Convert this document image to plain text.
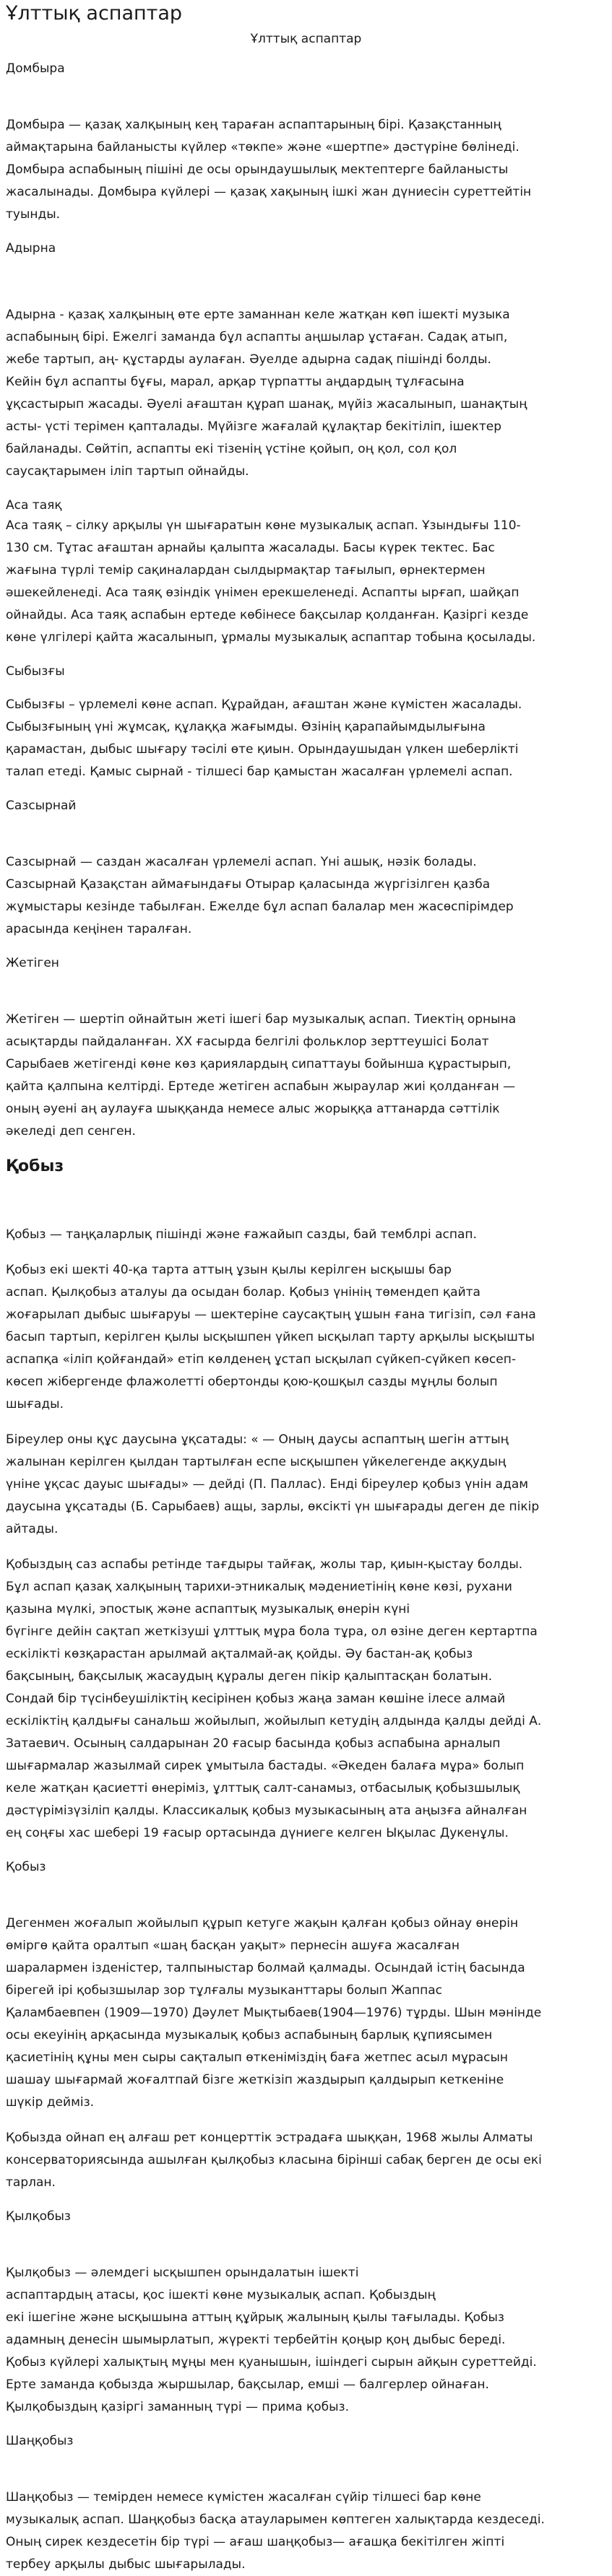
Ұлттық аспаптар
Ұлттық аспаптар
Домбыра

Домбыра — қазақ халқының кең тараған аспаптарының бірі. Қазақстанның
аймақтарына байланысты күйлер «төкпе» және «шертпе» дәстүріне бөлінеді.
Домбыра аспабының пішіні де осы орындаушылық мектептерге байланысты
жасалынады. Домбыра күйлері — қазақ хақының ішкі жан дүниесін суреттейтін
туынды.

Адырна

Адырна - қазақ халқының өте ерте заманнан келе жатқан көп ішекті музыка
аспабының бірі. Ежелгі заманда бұл аспапты аңшылар ұстаған. Садақ атып,
жебе тартып, аң- құстарды аулаған. Әуелде адырна садақ пішінді болды.
Кейін бұл аспапты бұғы, марал, арқар түрпатты аңдардың тұлғасына
ұқсастырып жасады. Әуелі ағаштан құрап шанақ, мүйіз жасалынып, шанақтың
асты- үсті терімен қапталады. Мүйізге жағалай құлақтар бекітiлiп, ішектер
байланады. Сөйтіп, аспапты екі тізенің үстіне қойып, оң қол, сол қол
саусақтарымен іліп тартып ойнайды.

Аса таяқ

Аса таяқ – сілку арқылы үн шығаратын көне музыкалық аспап. Ұзындығы 110-
130 см. Тұтас ағаштан арнайы қалыпта жасалады. Басы күрек тектес. Бас
жағына түрлі темір сақиналардан сылдырмақтар тағылып, өрнектермен
әшекейленеді. Аса таяқ өзіндік үнімен ерекшеленеді. Аспапты ырғап, шайқап
ойнайды. Аса таяқ аспабын ертеде көбінесе бақсылар қолданған. Қазіргі кезде
көне үлгілері қайта жасалынып, ұрмалы музыкалық аспаптар тобына қосылады.

Сыбызғы

Сыбызғы – үрлемелі көне аспап. Құрайдан, ағаштан және күмістен жасалады.
Сыбызғының үні жұмсақ, құлаққа жағымды. Өзінің қарапайымдылығына
қарамастан, дыбыс шығару тәсілі өте қиын. Орындаушыдан үлкен шеберлікті
талап етеді. Қамыс сырнай - тілшесі бар қамыстан жасалған үрлемелі аспап.

Сазсырнай

Сазсырнай — саздан жасалған үрлемелі аспап. Үні ашық, нәзік болады.
Сазсырнай Қазақстан аймағындағы Отырар қаласында жүргізілген қазба
жұмыстары кезінде табылған. Ежелде бұл аспап балалар мен жасөспірімдер
арасында кеңінен таралған.

Жетіген

Жетіген — шертіп ойнайтын жеті ішегі бар музыкалық аспап. Тиектің орнына
асықтарды пайдаланған. XX ғасырда белгілі фольклор зерттеушісі Болат
Сарыбаев жетігенді көне көз қариялардың сипаттауы бойынша құрастырып,
қайта қалпына келтірді. Ертеде жетіген аспабын жыраулар жиі қолданған —
оның әуені аң аулауға шыққанда немесе алыс жорыққа аттанарда сәттілік
әкеледі деп сенген.

Қобыз

Қобыз — таңқаларлық пішінді және ғажайып сазды, бай темблрі аспап.

Қобыз екі шекті 40-қа тарта аттың ұзын қылы керілген ысқышы бар
аспап. Қылқобыз аталуы да осыдан болар. Қобыз үнінің төмендеп қайта
жоғарылап дыбыс шығаруы — шектеріне саусақтың ұшын ғана тигізіп, сәл ғана
басып тартып, керілген қылы ысқышпен үйкеп ысқылап тарту арқылы ысқышты
аспапқа «іліп қойғандай» етіп көлденең ұстап ысқылап сүйкеп-сүйкеп көсеп-
көсеп жібергенде флажолетті обертонды қою-қошқыл сазды мұңлы болып
шығады.

Біреулер оны құс даусына ұқсатады: « — Оның даусы аспаптың шегін аттың
жалынан керілген қылдан тартылған еспе ысқышпен үйкелегенде аққудың
үніне ұқсас дауыс шығады» — дейді (П. Паллас). Енді біреулер қобыз үнін адам
даусына ұқсатады (Б. Сарыбаев) ащы, зарлы, өксікті үн шығарады деген де пікір
айтады.

Қобыздың саз аспабы ретінде тағдыры тайғақ, жолы тар, қиын-қыстау болды.
Бұл аспап қазақ халқының тарихи-этникалық мәдениетінің көне көзі, рухани
қазына мүлкі, эпостық және аспаптық музыкалық өнерін күні
бүгінге дейін сақтап жеткізуші ұлттық мұра бола тұра, ол өзіне деген кертартпа
ескілікті көзқарастан арылмай ақталмай-ақ қойды. Әу бастан-ақ қобыз
бақсының, бақсылық жасаудың құралы деген пікір қалыптасқан болатын.
Сондай бір түсінбеушіліктің кесірінен қобыз жаңа заман көшіне ілесе алмай
ескіліктің қалдығы санальш жойылып, жойылып кетудің алдында қалды дейді А.
Затаевич. Осының салдарынан 20 ғасыр басында қобыз аспабына арналып
шығармалар жазылмай сирек ұмытыла бастады. «Әкеден балаға мұра» болып
келе жатқан қасиетті өнеріміз, ұлттық салт-санамыз, отбасылық қобызшылық
дәстүрімізүзіліп қалды. Классикалық қобыз музыкасының ата аңызға айналған
ең соңғы хас шебері 19 ғасыр ортасында дүниеге келген Ықылас Дукенұлы.

Қобыз

Дегенмен жоғалып жойылып құрып кетуге жақын қалған қобыз ойнау өнерін
өміргө қайта оралтып «шаң басқан уақыт» пернесін ашуға жасалған
шаралармен ізденістер, талпыныстар болмай қалмады. Осындай істің басында
бірегей ірі қобызшылар зор тұлғалы музыканттары болып Жаппас
Қаламбаевпен (1909—1970) Дәулет Мықтыбаев(1904—1976) тұрды. Шын мәнінде
осы екеуінің арқасында музыкалық қобыз аспабының барлық құпиясымен
қасиетінің құны мен сыры сақталып өткенімiздің бағa жетпес асыл мұрасын
шашау шығармай жоғалтпай бізге жеткізіп жаздырып қалдырып кеткеніне
шүкір дейміз.

Қобызда ойнап ең алғаш рет концерттік эстрадаға шыққан, 1968 жылы Алматы
консерваториясында ашылған қылқобыз класына бірінші сабақ берген де осы екі
тарлан.

Қылқобыз

Қылқобыз — әлемдегі ысқышпен орындалатын ішекті
аспаптардың атасы, қос ішекті көне музыкалық аспап. Қобыздың
екі ішегіне және ысқышына аттың құйрық жалының қылы тағылады. Қобыз
адамның денесін шымырлатып, жүректі тербейтін қоңыр қоң дыбыс береді.
Қобыз күйлері халықтың мұңы мен қуанышын, ішіндегі сырын айқын суреттейді.
Ерте заманда қобызда жыршылар, бақсылар, емші — балгерлер ойнаған.
Қылқобыздың қазіргі заманның түрі — прима қобыз.

Шаңқобыз

Шаңқобыз — темірден немесе күмістен жасалған сүйір тілшесі бар көне
музыкалық аспап. Шаңқобыз басқа атауларымен көптеген халықтарда кездеседі.
Оның сирек кездесетін бір түрі — ағаш шаңқобыз— ағашқа бекітілген жіпті
тербеу арқылы дыбыс шығарылады.
